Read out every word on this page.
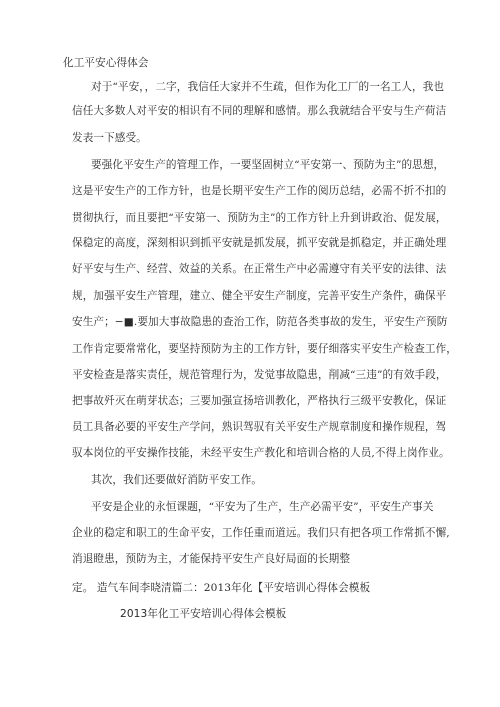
化工平安心得体会
对于“平安，，二字，我信任大家并不生疏，但作为化工厂的一名工人，我也
信任大多数人对平安的相识有不同的理解和感情。那么我就结合平安与生产荷洁
发表一下感受。
要强化平安生产的管理工作，一要坚固树立“平安第一、预防为主”的思想，
这是平安生产的工作方针，也是长期平安生产工作的阅历总结，必需不折不扣的
贯彻执行，而且要把“平安第一、预防为主”的工作方针上升到讲政治、促发展，
保稳定的高度，深刻相识到抓平安就是抓发展，抓平安就是抓稳定，并正确处理
好平安与生产、经营、效益的关系。在正常生产中必需遵守有关平安的法律、法
规，加强平安生产管理，建立、健全平安生产制度，完善平安生产条件，确保平
安生产；−■.要加大事故隐患的查治工作，防范各类事故的发生，平安生产预防
工作肯定要常常化，要坚持预防为主的工作方针，要仔细落实平安生产检查工作，
平安检查是落实责任，规范管理行为，发觉事故隐患，削减“三违”的有效手段，
把事故歼灭在萌芽状态；三要加强宣扬培训教化，严格执行三级平安教化，保证
员工具备必要的平安生产学问，熟识驾驭有关平安生产规章制度和操作规程，驾
驭本岗位的平安操作技能，未经平安生产教化和培训合格的人员,不得上岗作业。
其次，我们还要做好消防平安工作。
平安是企业的永恒课题，“平安为了生产，生产必需平安”，平安生产事关
企业的稳定和职工的生命平安，工作任重而道远。我们只有把各项工作常抓不懈,
消退瞪患，预防为主，才能保持平安生产良好局面的长期整
定。 造气车间李晓清篇二：2013年化【平安培训心得体会模板
2013年化工平安培训心得体会模板
